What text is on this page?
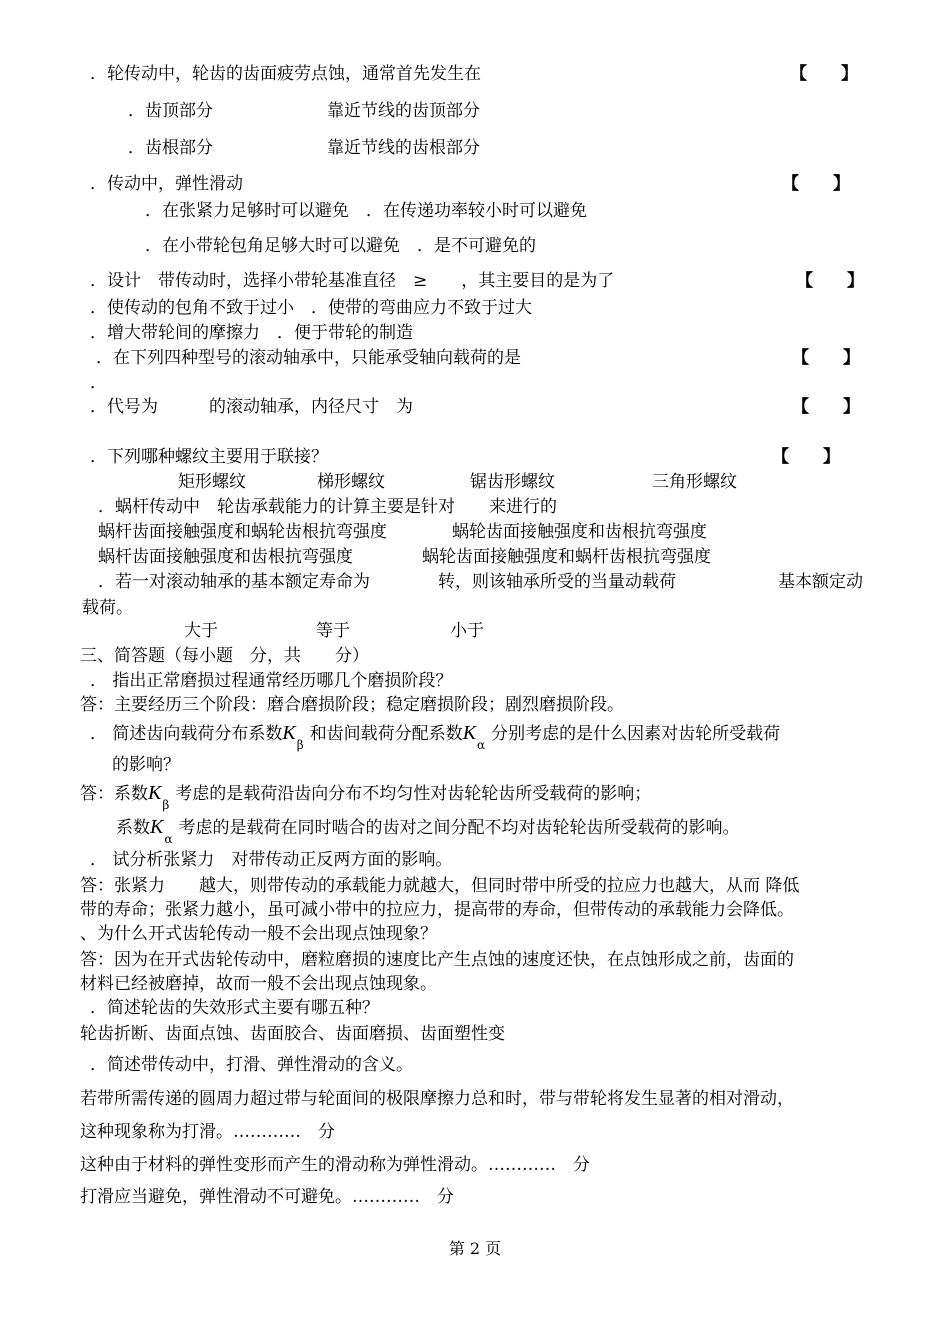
．轮传动中，轮齿的齿面疲劳点蚀，通常首先发生在	【　　】
．齿顶部分	靠近节线的齿顶部分
．齿根部分	靠近节线的齿根部分
．传动中，弹性滑动	【　　】
．在张紧力足够时可以避免　．在传递功率较小时可以避免
．在小带轮包角足够大时可以避免　．是不可避免的
．设计　带传动时，选择小带轮基准直径　≥　　，其主要目的是为了	【　　】
．使传动的包角不致于过小　．使带的弯曲应力不致于过大
．增大带轮间的摩擦力　．便于带轮的制造
．在下列四种型号的滚动轴承中，只能承受轴向载荷的是	【　　】
．
．代号为　　　的滚动轴承，内径尺寸　为	【　　】
．下列哪种螺纹主要用于联接？	【　　】
矩形螺纹	梯形螺纹	锯齿形螺纹	三角形螺纹
．蜗杆传动中　轮齿承载能力的计算主要是针对　　来进行的
蜗杆齿面接触强度和蜗轮齿根抗弯强度	蜗轮齿面接触强度和齿根抗弯强度
蜗杆齿面接触强度和齿根抗弯强度	蜗轮齿面接触强度和蜗杆齿根抗弯强度
．若一对滚动轴承的基本额定寿命为　　　　转，则该轴承所受的当量动载荷	基本额定动
载荷。
大于	等于	小于
三、简答题（每小题　分，共　　分）
． 指出正常磨损过程通常经历哪几个磨损阶段？
答：主要经历三个阶段：磨合磨损阶段；稳定磨损阶段；剧烈磨损阶段。
． 简述齿向载荷分布系数$K_\beta$和齿间载荷分配系数$K_\alpha$分别考虑的是什么因素对齿轮所受载荷
的影响？
答：系数$K_\beta$考虑的是载荷沿齿向分布不均匀性对齿轮轮齿所受载荷的影响；
系数$K_\alpha$考虑的是载荷在同时啮合的齿对之间分配不均对齿轮轮齿所受载荷的影响。
． 试分析张紧力　对带传动正反两方面的影响。
答：张紧力　　越大，则带传动的承载能力就越大，但同时带中所受的拉应力也越大，从而 降低
带的寿命；张紧力越小，虽可减小带中的拉应力，提高带的寿命，但带传动的承载能力会降低。
、为什么开式齿轮传动一般不会出现点蚀现象？
答：因为在开式齿轮传动中，磨粒磨损的速度比产生点蚀的速度还快，在点蚀形成之前，齿面的
材料已经被磨掉，故而一般不会出现点蚀现象。
．简述轮齿的失效形式主要有哪五种？
轮齿折断、齿面点蚀、齿面胶合、齿面磨损、齿面塑性变
．简述带传动中，打滑、弹性滑动的含义。
若带所需传递的圆周力超过带与轮面间的极限摩擦力总和时，带与带轮将发生显著的相对滑动，
这种现象称为打滑。…………　分
这种由于材料的弹性变形而产生的滑动称为弹性滑动。…………　分
打滑应当避免，弹性滑动不可避免。…………　分
第 2 页
